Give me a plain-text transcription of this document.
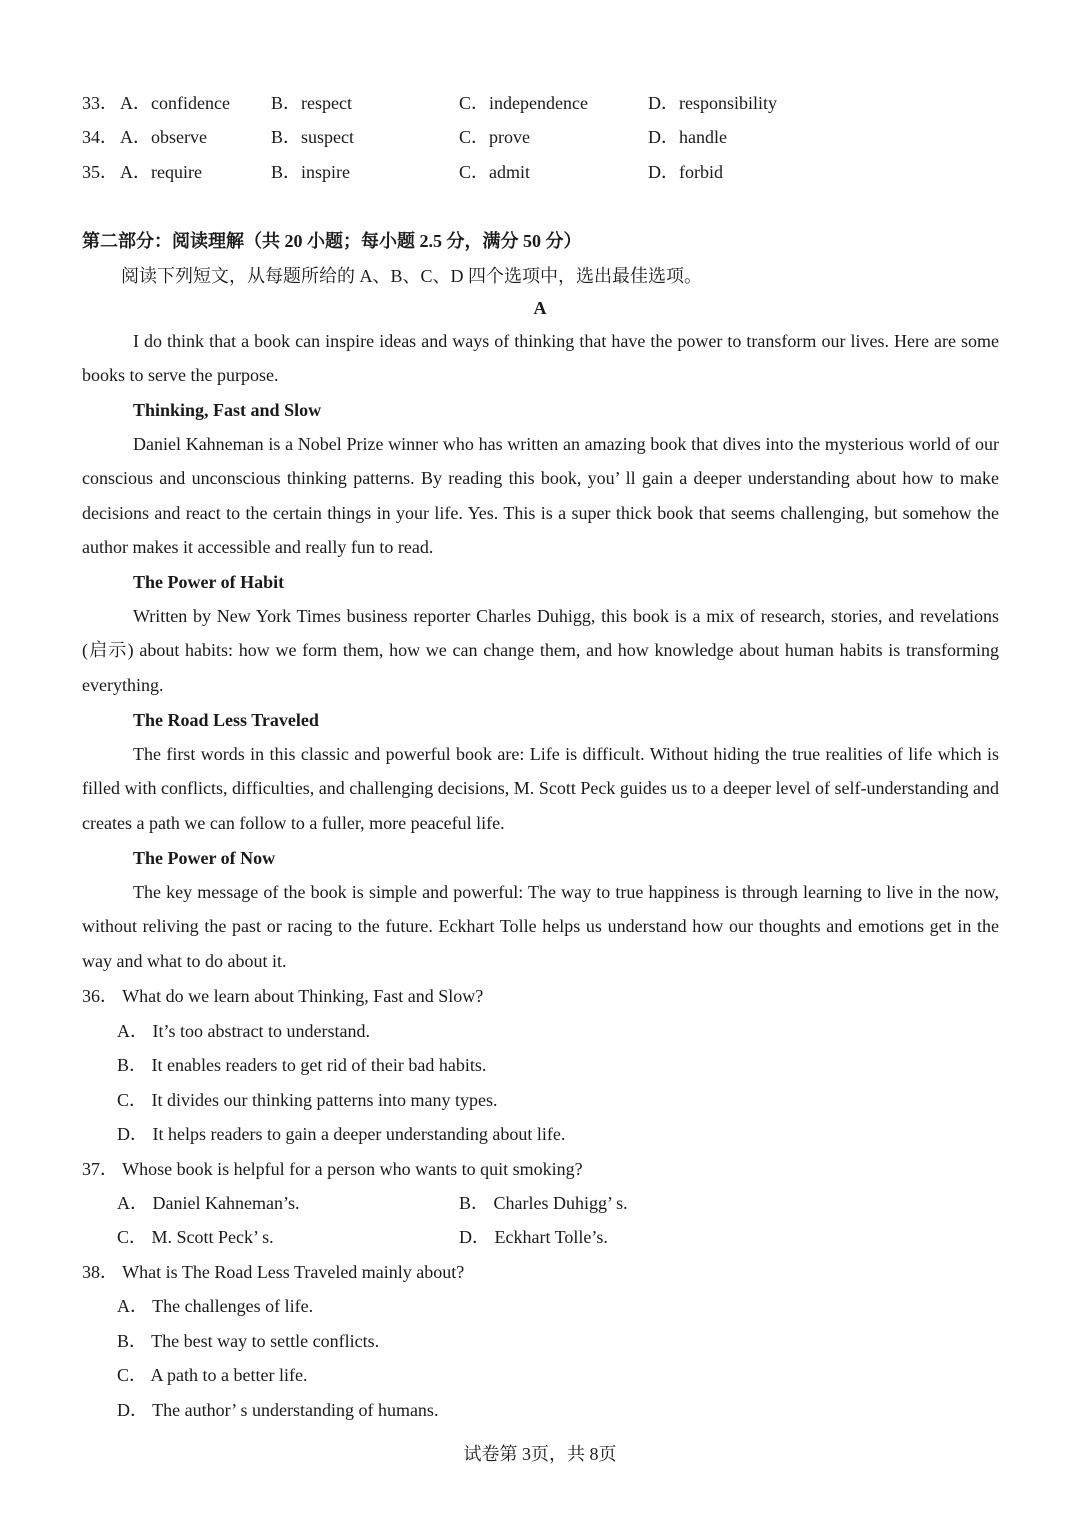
33． A．confidence B．respect	C．independence	D．responsibility
34． A．observe	B．suspect	C．prove	D．handle
35． A．require	B．inspire	C．admit	D．forbid
第二部分：阅读理解（共 20 小题；每小题 2.5 分，满分 50 分）
阅读下列短文，从每题所给的 A、B、C、D 四个选项中，选出最佳选项。
A
I do think that a book can inspire ideas and ways of thinking that have the power to transform our lives. Here are some books to serve the purpose.
Thinking, Fast and Slow
Daniel Kahneman is a Nobel Prize winner who has written an amazing book that dives into the mysterious world of our conscious and unconscious thinking patterns. By reading this book, you’ ll gain a deeper understanding about how to make decisions and react to the certain things in your life. Yes. This is a super thick book that seems challenging, but somehow the author makes it accessible and really fun to read.
The Power of Habit
Written by New York Times business reporter Charles Duhigg, this book is a mix of research, stories, and revelations (启示) about habits: how we form them, how we can change them, and how knowledge about human habits is transforming everything.
The Road Less Traveled
The first words in this classic and powerful book are: Life is difficult. Without hiding the true realities of life which is filled with conflicts, difficulties, and challenging decisions, M. Scott Peck guides us to a deeper level of self-understanding and creates a path we can follow to a fuller, more peaceful life.
The Power of Now
The key message of the book is simple and powerful: The way to true happiness is through learning to live in the now, without reliving the past or racing to the future. Eckhart Tolle helps us understand how our thoughts and emotions get in the way and what to do about it.
36． What do we learn about Thinking, Fast and Slow?
A． It’s too abstract to understand.
B． It enables readers to get rid of their bad habits.
C． It divides our thinking patterns into many types.
D． It helps readers to gain a deeper understanding about life.
37． Whose book is helpful for a person who wants to quit smoking?
A． Daniel Kahneman’s.	B． Charles Duhigg’ s.
C． M. Scott Peck’ s.	D． Eckhart Tolle’s.
38． What is The Road Less Traveled mainly about?
A． The challenges of life.
B． The best way to settle conflicts.
C． A path to a better life.
D． The author’ s understanding of humans.
试卷第 3页，共 8页
